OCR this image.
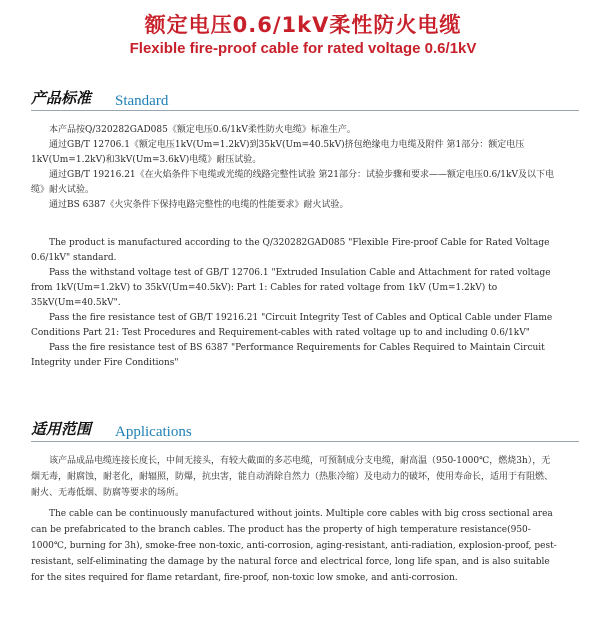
额定电压0.6/1kV柔性防火电缆
Flexible fire-proof cable for rated voltage 0.6/1kV
产品标准 Standard

本产品按Q/320282GAD085《额定电压0.6/1kV柔性防火电缆》标准生产。

通过GB/T 12706.1《额定电压1kV(Um=1.2kV)到35kV(Um=40.5kV)挤包绝缘电力电缆及附件 第1部分：额定电压1kV(Um=1.2kV)和3kV(Um=3.6kV)电缆》耐压试验。

通过GB/T 19216.21《在火焰条件下电缆或光缆的线路完整性试验 第21部分：试验步骤和要求——额定电压0.6/1kV及以下电缆》耐火试验。

通过BS 6387《火灾条件下保持电路完整性的电缆的性能要求》耐火试验。

The product is manufactured according to the Q/320282GAD085 "Flexible Fire-proof Cable for Rated Voltage 0.6/1kV" standard.

Pass the withstand voltage test of GB/T 12706.1 "Extruded Insulation Cable and Attachment for rated voltage from 1kV(Um=1.2kV) to 35kV(Um=40.5kV): Part 1: Cables for rated voltage from 1kV (Um=1.2kV) to 35kV(Um=40.5kV".

Pass the fire resistance test of GB/T 19216.21 "Circuit Integrity Test of Cables and Optical Cable under Flame Conditions Part 21: Test Procedures and Requirement-cables with rated voltage up to and including 0.6/1kV"

Pass the fire resistance test of BS 6387 "Performance Requirements for Cables Required to Maintain Circuit Integrity under Fire Conditions"

适用范围 Applications

该产品成品电缆连接长度长，中间无接头，有较大截面的多芯电缆，可预制成分支电缆，耐高温（950-1000℃，燃烧3h），无烟无毒，耐腐蚀，耐老化，耐辐照，防爆，抗虫害，能自动消除自然力（热胀冷缩）及电动力的破坏，使用寿命长，适用于有阻燃、耐火、无毒低烟、防腐等要求的场所。

The cable can be continuously manufactured without joints. Multiple core cables with big cross sectional area can be prefabricated to the branch cables. The product has the property of high temperature resistance(950-1000℃, burning for 3h), smoke-free non-toxic, anti-corrosion, aging-resistant, anti-radiation, explosion-proof, pest-resistant, self-eliminating the damage by the natural force and electrical force, long life span, and is also suitable for the sites required for flame retardant, fire-proof, non-toxic low smoke, and anti-corrosion.
